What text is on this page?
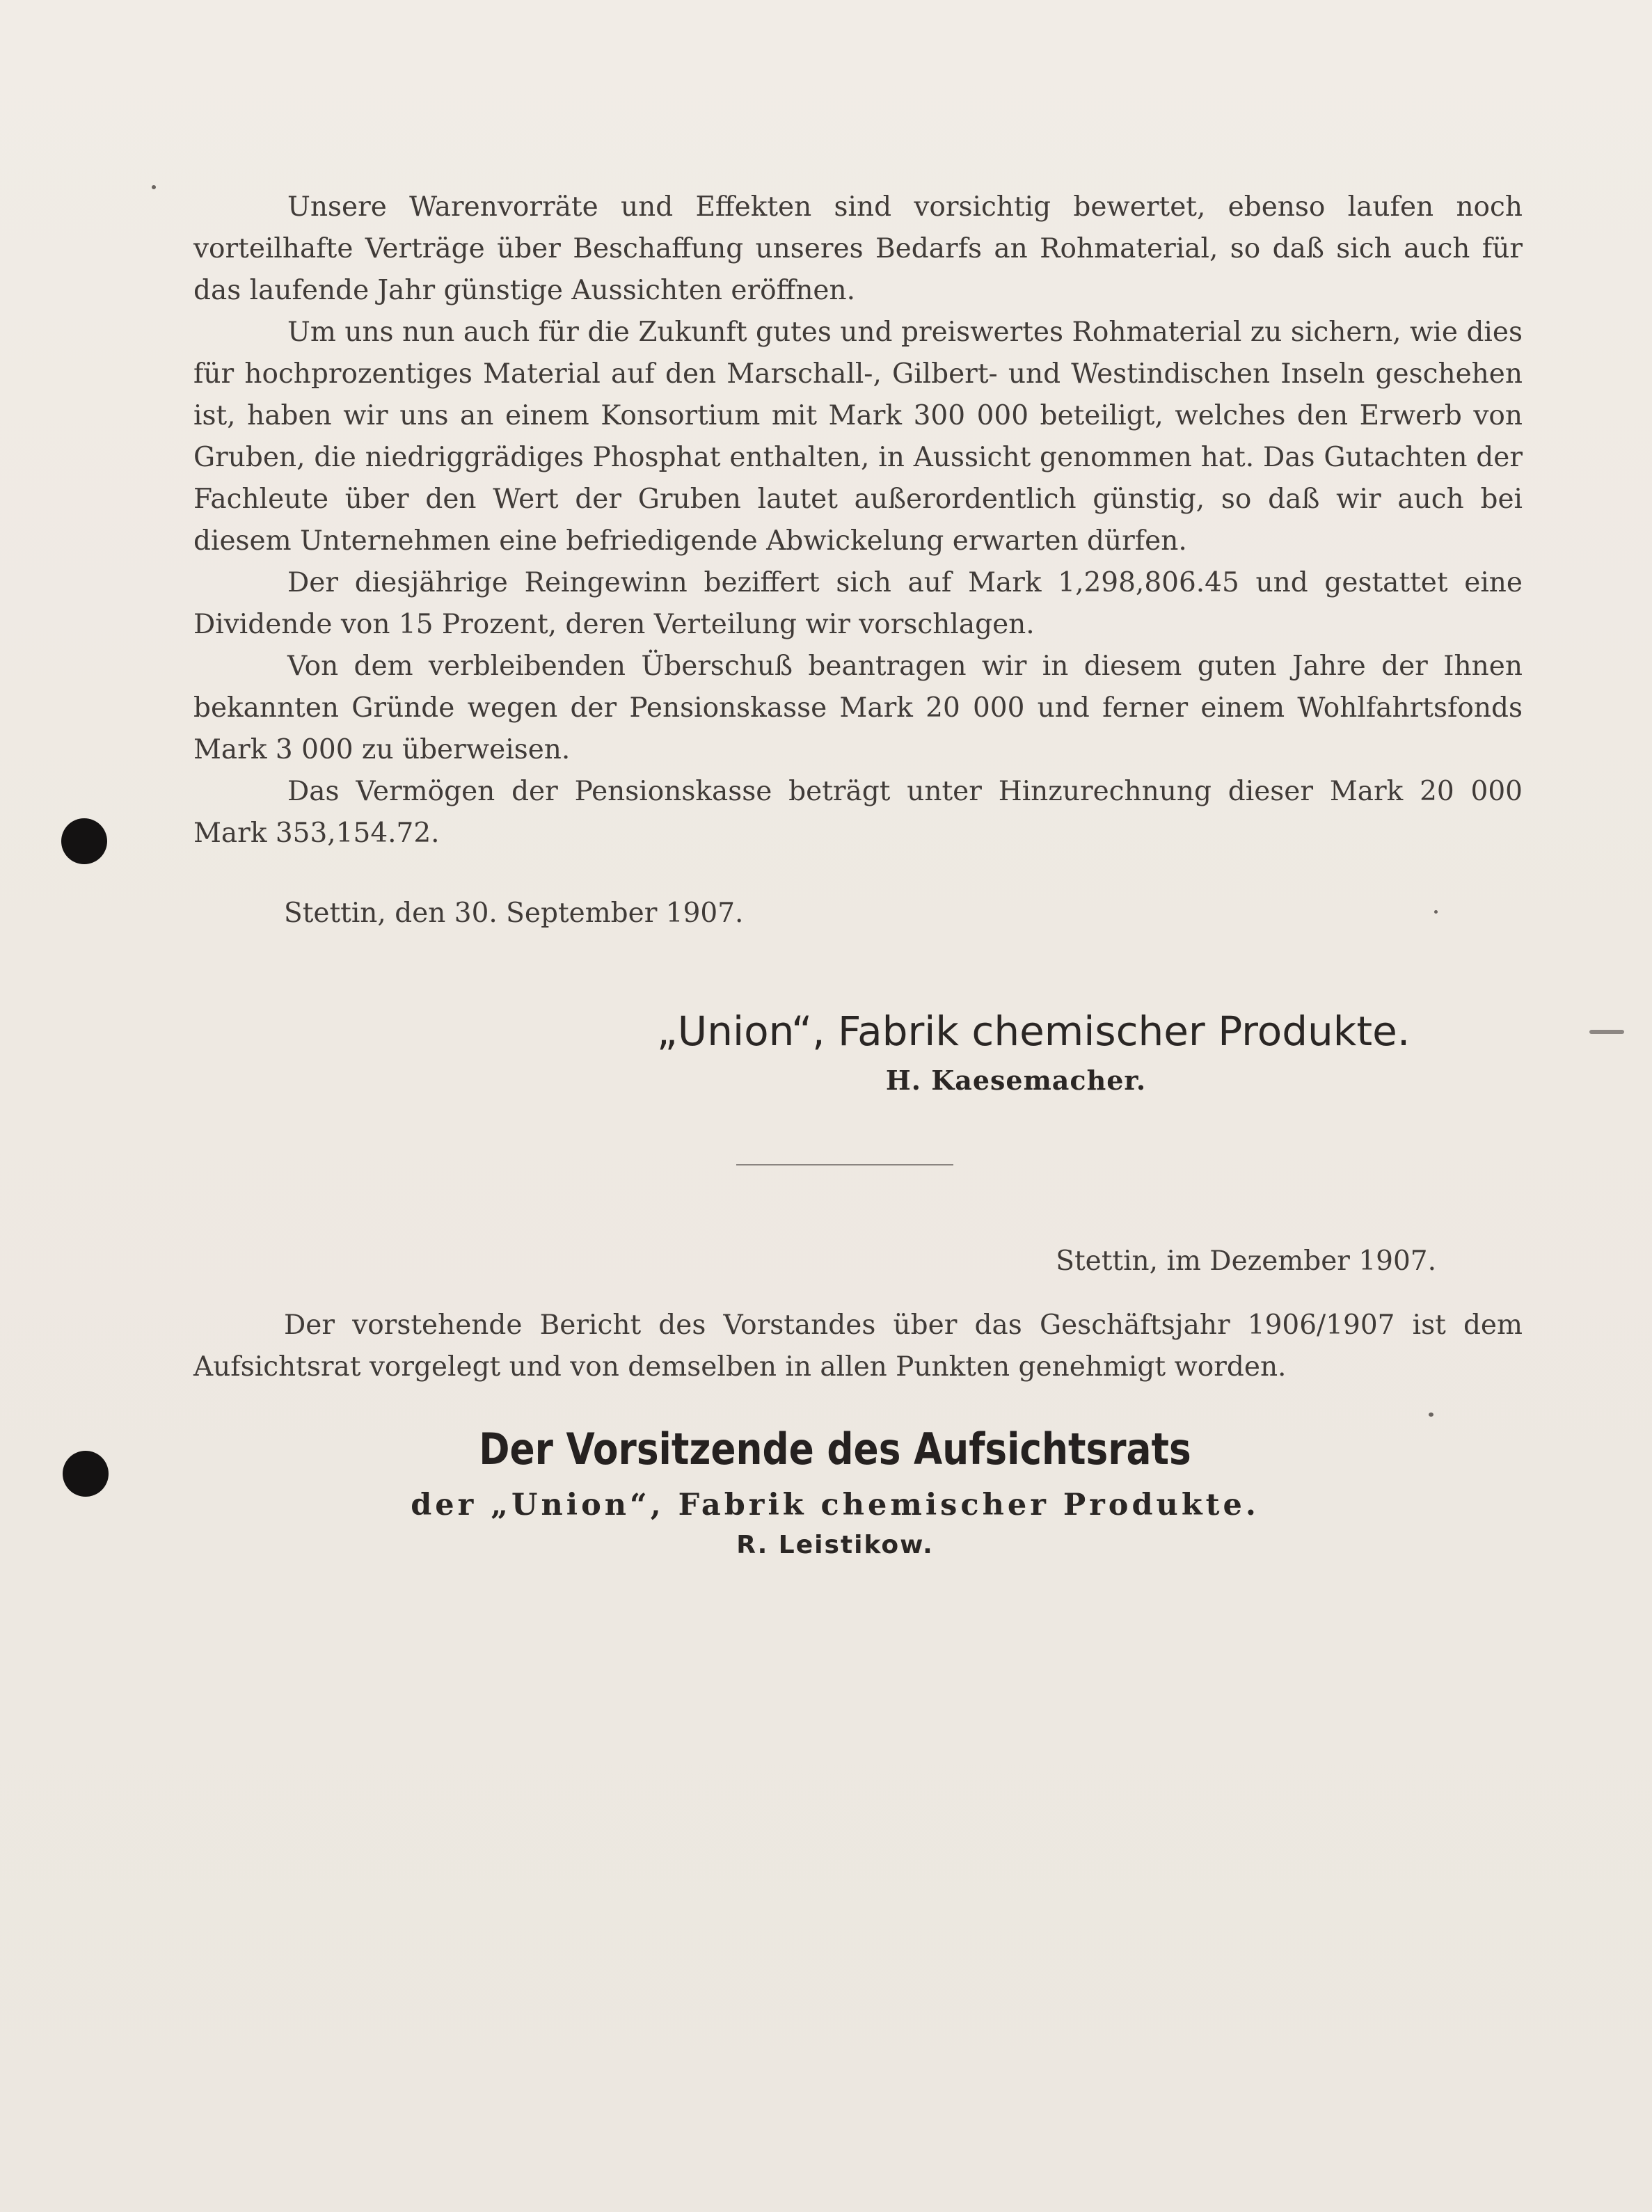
Unsere Warenvorräte und Effekten sind vorsichtig bewertet, ebenso laufen noch vorteilhafte Verträge über Beschaffung unseres Bedarfs an Rohmaterial, so daß sich auch für das laufende Jahr günstige Aussichten eröffnen.

Um uns nun auch für die Zukunft gutes und preiswertes Rohmaterial zu sichern, wie dies für hochprozentiges Material auf den Marschall-, Gilbert- und Westindischen Inseln geschehen ist, haben wir uns an einem Konsortium mit Mark 300 000 beteiligt, welches den Erwerb von Gruben, die niedriggrädiges Phosphat enthalten, in Aussicht genommen hat. Das Gutachten der Fachleute über den Wert der Gruben lautet außerordentlich günstig, so daß wir auch bei diesem Unternehmen eine befriedigende Abwickelung erwarten dürfen.

Der diesjährige Reingewinn beziffert sich auf Mark 1,298,806.45 und gestattet eine Dividende von 15 Prozent, deren Verteilung wir vorschlagen.

Von dem verbleibenden Überschuß beantragen wir in diesem guten Jahre der Ihnen bekannten Gründe wegen der Pensionskasse Mark 20 000 und ferner einem Wohlfahrtsfonds Mark 3 000 zu überweisen.

Das Vermögen der Pensionskasse beträgt unter Hinzurechnung dieser Mark 20 000 Mark 353,154.72.

Stettin, den 30. September 1907.
„Union“, Fabrik chemischer Produkte.
H. Kaesemacher.
Stettin, im Dezember 1907.
Der vorstehende Bericht des Vorstandes über das Geschäftsjahr 1906/1907 ist dem Aufsichtsrat vorgelegt und von demselben in allen Punkten genehmigt worden.
Der Vorsitzende des Aufsichtsrats
der „Union“, Fabrik chemischer Produkte.
R. Leistikow.
